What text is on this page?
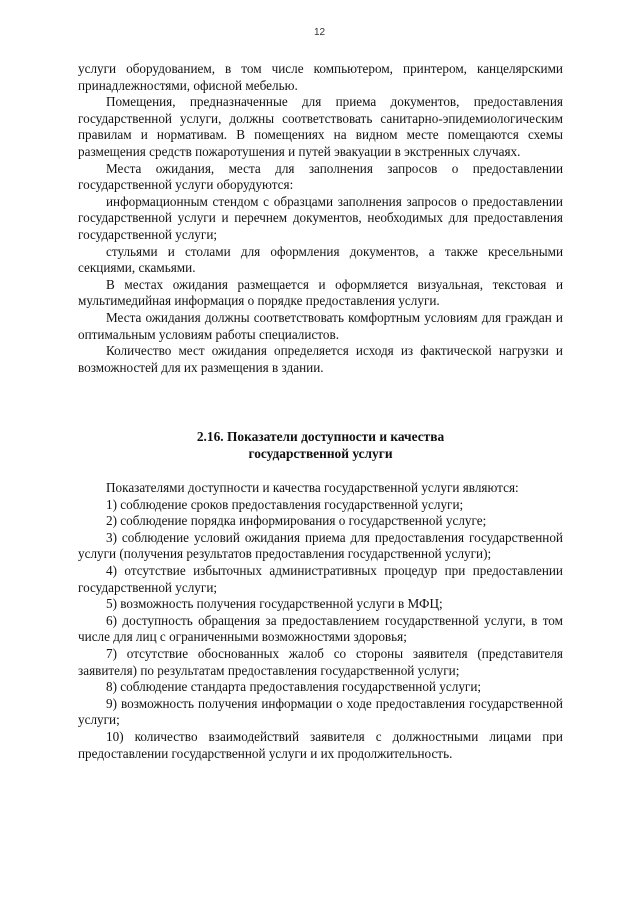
12

услуги оборудованием, в том числе компьютером, принтером, канцелярскими принадлежностями, офисной мебелью.

Помещения, предназначенные для приема документов, предоставления государственной услуги, должны соответствовать санитарно-эпидемиологическим правилам и нормативам. В помещениях на видном месте помещаются схемы размещения средств пожаротушения и путей эвакуации в экстренных случаях.

Места ожидания, места для заполнения запросов о предоставлении государственной услуги оборудуются:

информационным стендом с образцами заполнения запросов о предоставлении государственной услуги и перечнем документов, необходимых для предоставления государственной услуги;

стульями и столами для оформления документов, а также кресельными секциями, скамьями.

В местах ожидания размещается и оформляется визуальная, текстовая и мультимедийная информация о порядке предоставления услуги.

Места ожидания должны соответствовать комфортным условиям для граждан и оптимальным условиям работы специалистов.

Количество мест ожидания определяется исходя из фактической нагрузки и возможностей для их размещения в здании.

2.16. Показатели доступности и качества
государственной услуги

Показателями доступности и качества государственной услуги являются:

1) соблюдение сроков предоставления государственной услуги;

2) соблюдение порядка информирования о государственной услуге;

3) соблюдение условий ожидания приема для предоставления государственной услуги (получения результатов предоставления государственной услуги);

4) отсутствие избыточных административных процедур при предоставлении государственной услуги;

5) возможность получения государственной услуги в МФЦ;

6) доступность обращения за предоставлением государственной услуги, в том числе для лиц с ограниченными возможностями здоровья;

7) отсутствие обоснованных жалоб со стороны заявителя (представителя заявителя) по результатам предоставления государственной услуги;

8) соблюдение стандарта предоставления государственной услуги;

9) возможность получения информации о ходе предоставления государственной услуги;

10) количество взаимодействий заявителя с должностными лицами при предоставлении государственной услуги и их продолжительность.
